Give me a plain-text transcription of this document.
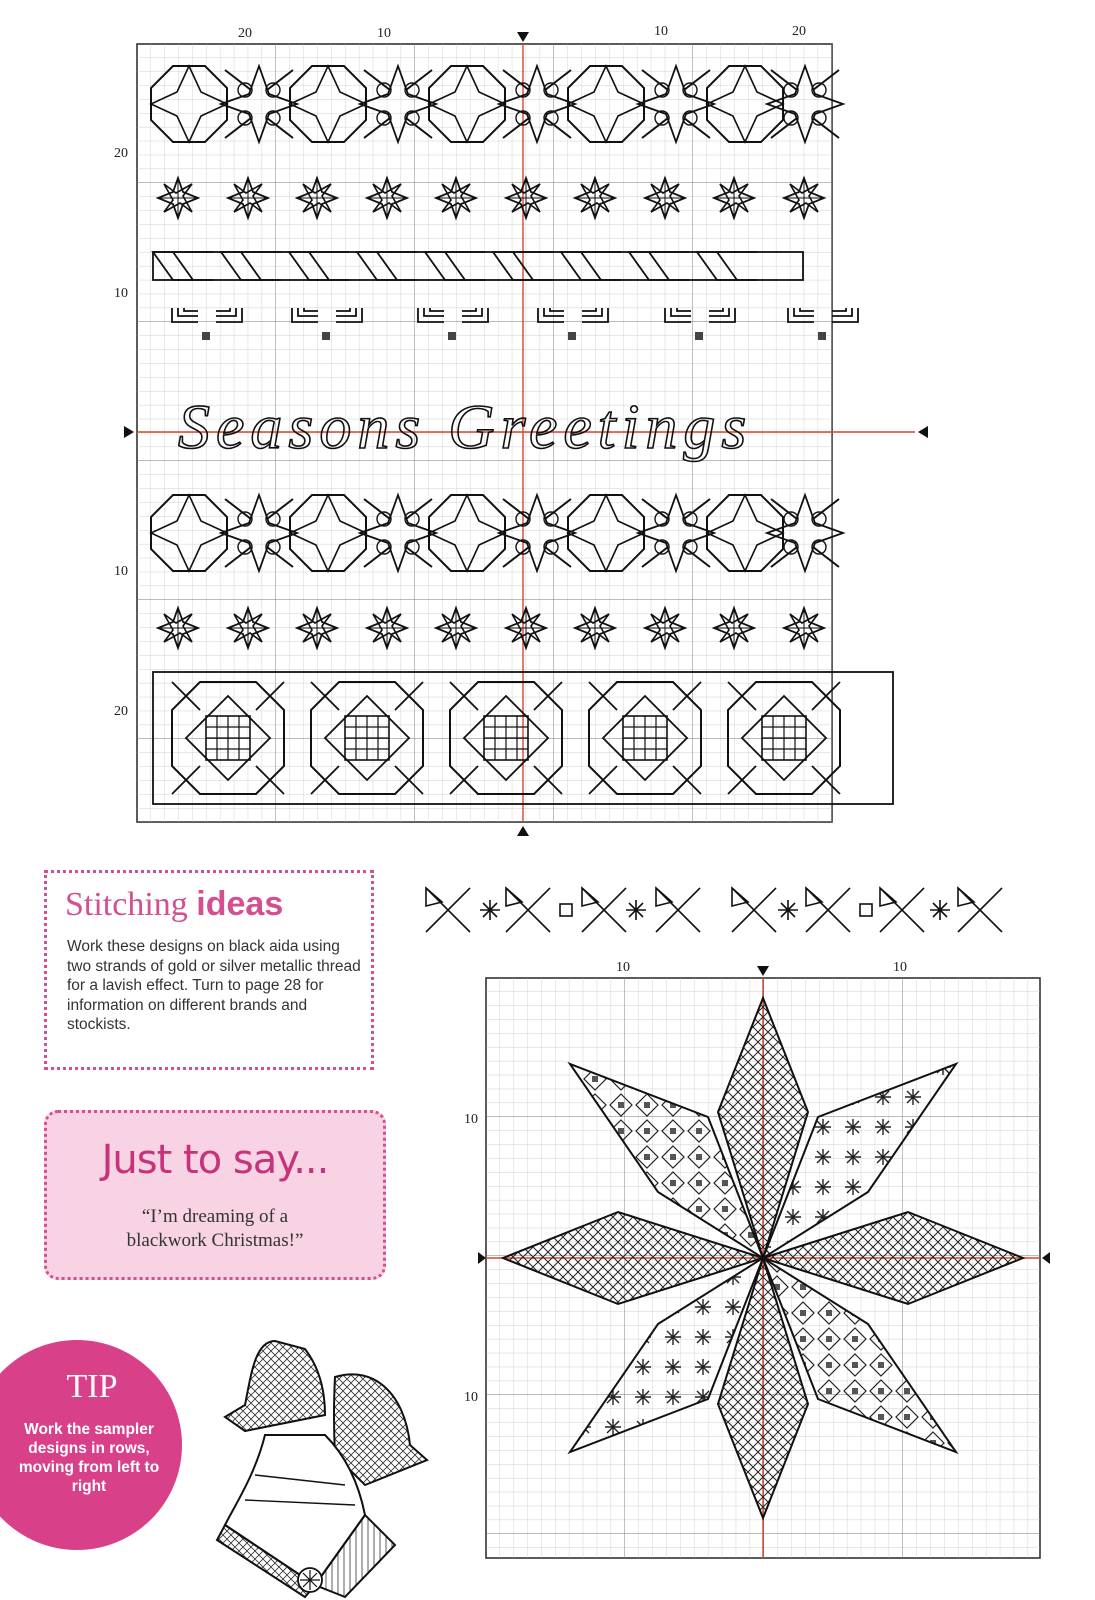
20	10	10	20
20
10
10
20
Seasons Greetings
Stitching ideas
Work these designs on black aida using two strands of gold or silver metallic thread for a lavish effect. Turn to page 28 for information on different brands and stockists.
Just to say...
“I’m dreaming of a
blackwork Christmas!”
TIP
Work the sampler designs in rows, moving from left to right
10	10
10
10
